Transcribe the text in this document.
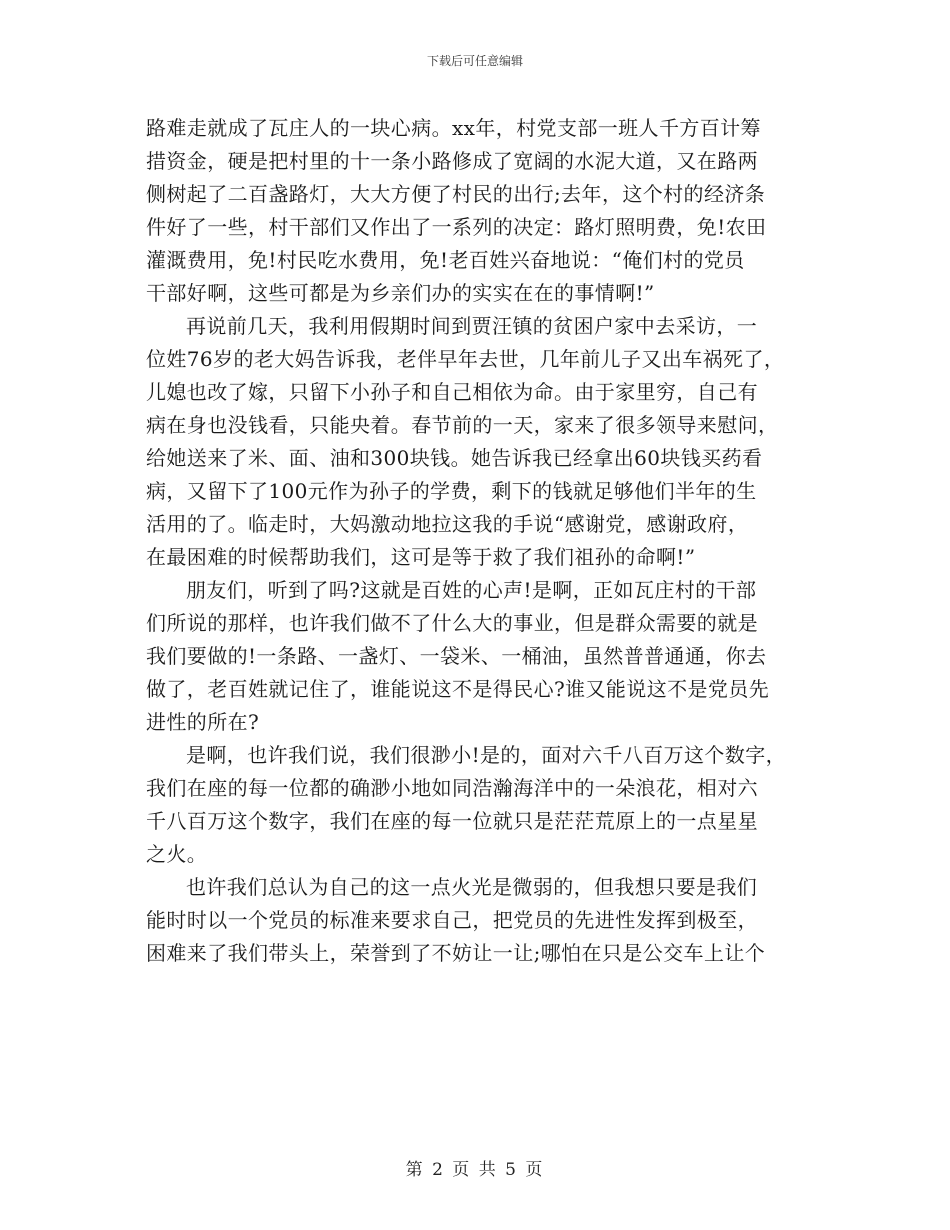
下载后可任意编辑
路难走就成了瓦庄人的一块心病。xx年，村党支部一班人千方百计筹
措资金，硬是把村里的十一条小路修成了宽阔的水泥大道，又在路两
侧树起了二百盏路灯，大大方便了村民的出行;去年，这个村的经济条
件好了一些，村干部们又作出了一系列的决定：路灯照明费，免!农田
灌溉费用，免!村民吃水费用，免!老百姓兴奋地说：“俺们村的党员
干部好啊，这些可都是为乡亲们办的实实在在的事情啊!”
再说前几天，我利用假期时间到贾汪镇的贫困户家中去采访，一
位姓76岁的老大妈告诉我，老伴早年去世，几年前儿子又出车祸死了，
儿媳也改了嫁，只留下小孙子和自己相依为命。由于家里穷，自己有
病在身也没钱看，只能央着。春节前的一天，家来了很多领导来慰问，
给她送来了米、面、油和300块钱。她告诉我已经拿出60块钱买药看
病，又留下了100元作为孙子的学费，剩下的钱就足够他们半年的生
活用的了。临走时，大妈激动地拉这我的手说“感谢党，感谢政府，
在最困难的时候帮助我们，这可是等于救了我们祖孙的命啊!”
朋友们，听到了吗?这就是百姓的心声!是啊，正如瓦庄村的干部
们所说的那样，也许我们做不了什么大的事业，但是群众需要的就是
我们要做的!一条路、一盏灯、一袋米、一桶油，虽然普普通通，你去
做了，老百姓就记住了，谁能说这不是得民心?谁又能说这不是党员先
进性的所在?
是啊，也许我们说，我们很渺小!是的，面对六千八百万这个数字，
我们在座的每一位都的确渺小地如同浩瀚海洋中的一朵浪花，相对六
千八百万这个数字，我们在座的每一位就只是茫茫荒原上的一点星星
之火。
也许我们总认为自己的这一点火光是微弱的，但我想只要是我们
能时时以一个党员的标准来要求自己，把党员的先进性发挥到极至，
困难来了我们带头上，荣誉到了不妨让一让;哪怕在只是公交车上让个
第 2 页 共 5 页
